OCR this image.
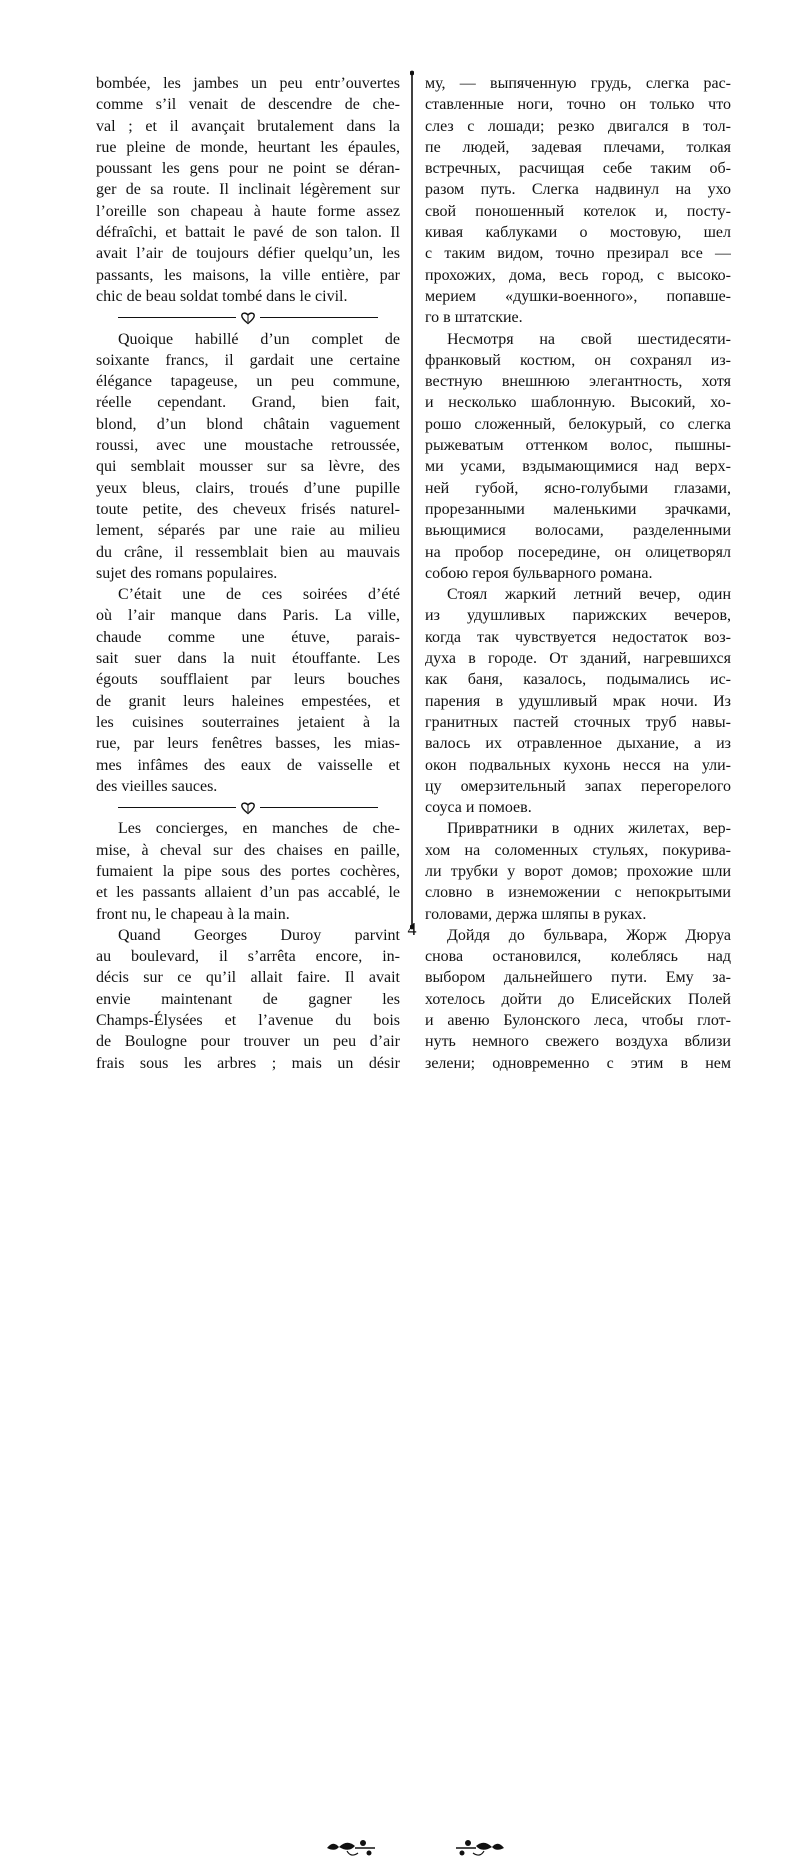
bombée, les jambes un peu entr’ouvertes
comme s’il venait de descendre de che-
val ; et il avançait brutalement dans la
rue pleine de monde, heurtant les épaules,
poussant les gens pour ne point se déran-
ger de sa route. Il inclinait légèrement sur
l’oreille son chapeau à haute forme assez
défraîchi, et battait le pavé de son talon. Il
avait l’air de toujours défier quelqu’un, les
passants, les maisons, la ville entière, par
chic de beau soldat tombé dans le civil.
Quoique habillé d’un complet de
soixante francs, il gardait une certaine
élégance tapageuse, un peu commune,
réelle cependant. Grand, bien fait,
blond, d’un blond châtain vaguement
roussi, avec une moustache retroussée,
qui semblait mousser sur sa lèvre, des
yeux bleus, clairs, troués d’une pupille
toute petite, des cheveux frisés naturel-
lement, séparés par une raie au milieu
du crâne, il ressemblait bien au mauvais
sujet des romans populaires.
C’était une de ces soirées d’été
où l’air manque dans Paris. La ville,
chaude comme une étuve, parais-
sait suer dans la nuit étouffante. Les
égouts soufflaient par leurs bouches
de granit leurs haleines empestées, et
les cuisines souterraines jetaient à la
rue, par leurs fenêtres basses, les mias-
mes infâmes des eaux de vaisselle et
des vieilles sauces.
Les concierges, en manches de che-
mise, à cheval sur des chaises en paille,
fumaient la pipe sous des portes cochères,
et les passants allaient d’un pas accablé, le
front nu, le chapeau à la main.
Quand Georges Duroy parvint
au boulevard, il s’arrêta encore, in-
décis sur ce qu’il allait faire. Il avait
envie maintenant de gagner les
Champs-Élysées et l’avenue du bois
de Boulogne pour trouver un peu d’air
frais sous les arbres ; mais un désir
му, — выпяченную грудь, слегка рас-
ставленные ноги, точно он только что
слез с лошади; резко двигался в тол-
пе людей, задевая плечами, толкая
встречных, расчищая себе таким об-
разом путь. Слегка надвинул на ухо
свой поношенный котелок и, посту-
кивая каблуками о мостовую, шел
с таким видом, точно презирал все —
прохожих, дома, весь город, с высоко-
мерием «душки-военного», попавше-
го в штатские.
Несмотря на свой шестидесяти-
франковый костюм, он сохранял из-
вестную внешнюю элегантность, хотя
и несколько шаблонную. Высокий, хо-
рошо сложенный, белокурый, со слегка
рыжеватым оттенком волос, пышны-
ми усами, вздымающимися над верх-
ней губой, ясно-голубыми глазами,
прорезанными маленькими зрачками,
вьющимися волосами, разделенными
на пробор посередине, он олицетворял
собою героя бульварного романа.
Стоял жаркий летний вечер, один
из удушливых парижских вечеров,
когда так чувствуется недостаток воз-
духа в городе. От зданий, нагревшихся
как баня, казалось, подымались ис-
парения в удушливый мрак ночи. Из
гранитных пастей сточных труб навы-
валось их отравленное дыхание, а из
окон подвальных кухонь несся на ули-
цу омерзительный запах перегорелого
соуса и помоев.
Привратники в одних жилетах, вер-
хом на соломенных стульях, покурива-
ли трубки у ворот домов; прохожие шли
словно в изнеможении с непокрытыми
головами, держа шляпы в руках.
Дойдя до бульвара, Жорж Дюруа
снова остановился, колеблясь над
выбором дальнейшего пути. Ему за-
хотелось дойти до Елисейских Полей
и авеню Булонского леса, чтобы глот-
нуть немного свежего воздуха вблизи
зелени; одновременно с этим в нем
4
